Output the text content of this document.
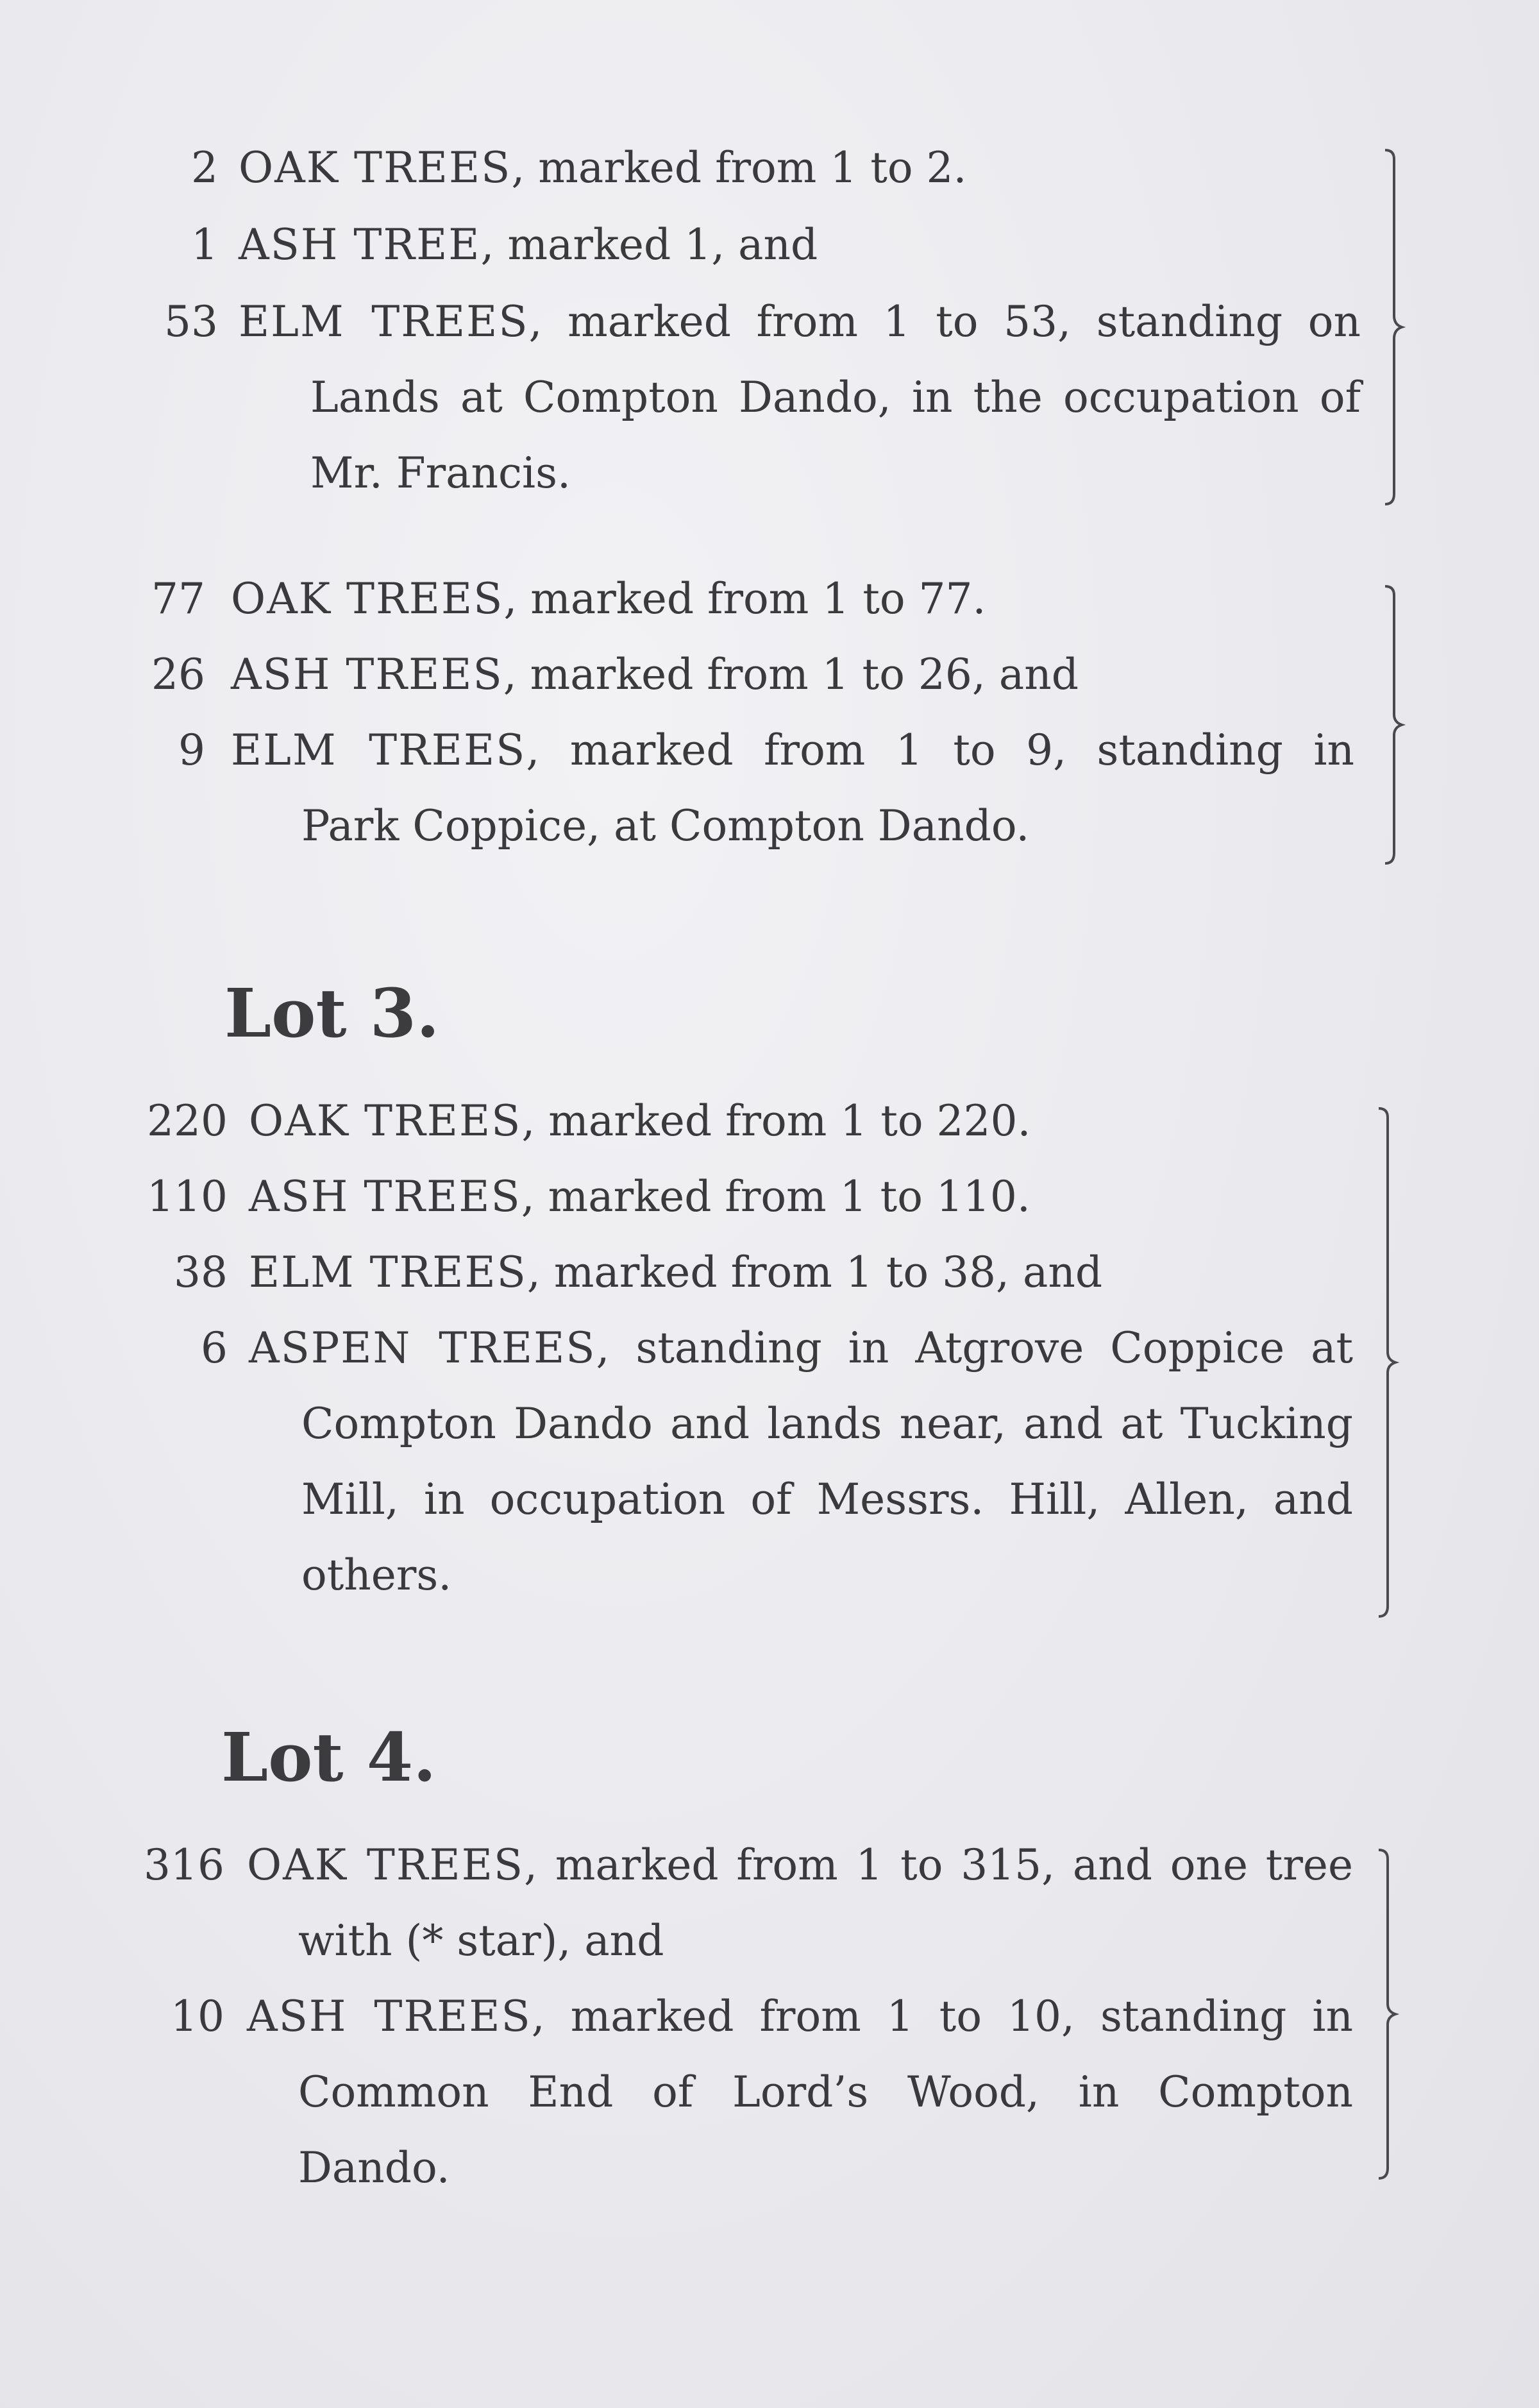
2 OAK TREES, marked from 1 to 2.
1 ASH TREE, marked 1, and
53 ELM TREES, marked from 1 to 53, standing on
Lands at Compton Dando, in the occupation of
Mr. Francis.
77 OAK TREES, marked from 1 to 77.
26 ASH TREES, marked from 1 to 26, and
9 ELM TREES, marked from 1 to 9, standing in
Park Coppice, at Compton Dando.
Lot 3.
220 OAK TREES, marked from 1 to 220.
110 ASH TREES, marked from 1 to 110.
38 ELM TREES, marked from 1 to 38, and
6 ASPEN TREES, standing in Atgrove Coppice at
Compton Dando and lands near, and at Tucking
Mill, in occupation of Messrs. Hill, Allen, and
others.
Lot 4.
316 OAK TREES, marked from 1 to 315, and one tree
with (* star), and
10 ASH TREES, marked from 1 to 10, standing in
Common End of Lord’s Wood, in Compton
Dando.
